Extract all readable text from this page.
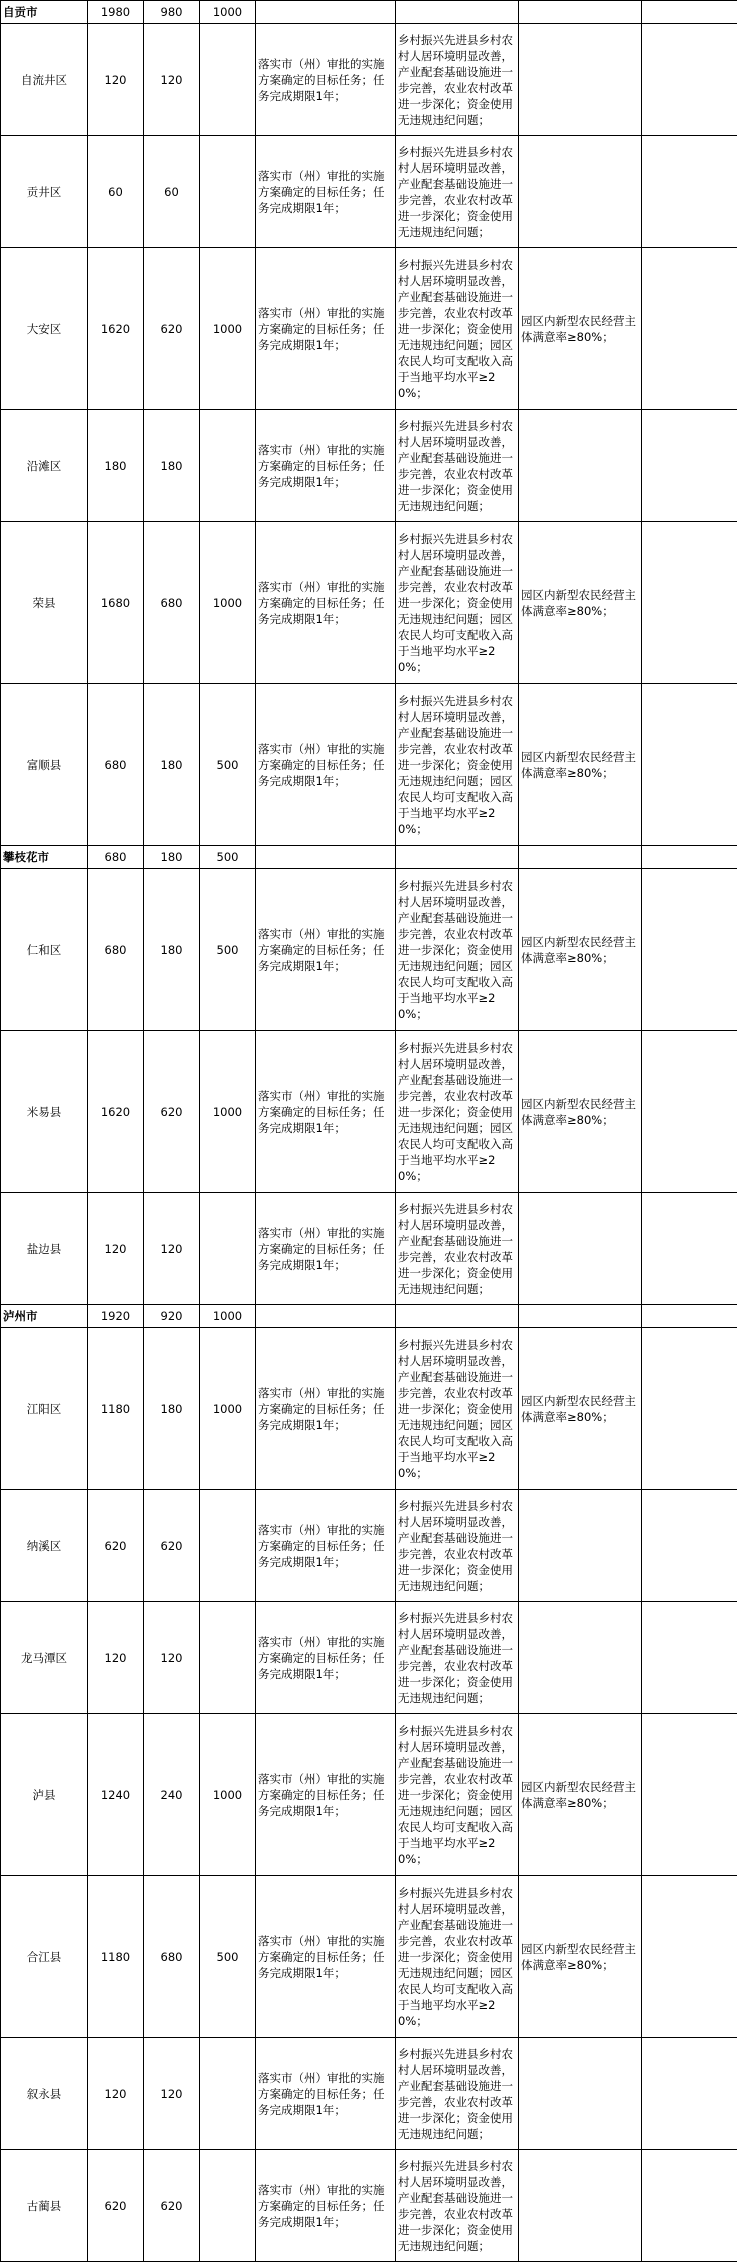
自贡市	1980	980	1000				
自流井区	120	120		落实市（州）审批的实施方案确定的目标任务；任务完成期限1年；	乡村振兴先进县乡村农村人居环境明显改善，产业配套基础设施进一步完善，农业农村改革进一步深化；资金使用无违规违纪问题；		
贡井区	60	60		落实市（州）审批的实施方案确定的目标任务；任务完成期限1年；	乡村振兴先进县乡村农村人居环境明显改善，产业配套基础设施进一步完善，农业农村改革进一步深化；资金使用无违规违纪问题；		
大安区	1620	620	1000	落实市（州）审批的实施方案确定的目标任务；任务完成期限1年；	乡村振兴先进县乡村农村人居环境明显改善，产业配套基础设施进一步完善，农业农村改革进一步深化；资金使用无违规违纪问题；园区农民人均可支配收入高于当地平均水平≥20%；	园区内新型农民经营主体满意率≥80%；	
沿滩区	180	180		落实市（州）审批的实施方案确定的目标任务；任务完成期限1年；	乡村振兴先进县乡村农村人居环境明显改善，产业配套基础设施进一步完善，农业农村改革进一步深化；资金使用无违规违纪问题；		
荣县	1680	680	1000	落实市（州）审批的实施方案确定的目标任务；任务完成期限1年；	乡村振兴先进县乡村农村人居环境明显改善，产业配套基础设施进一步完善，农业农村改革进一步深化；资金使用无违规违纪问题；园区农民人均可支配收入高于当地平均水平≥20%；	园区内新型农民经营主体满意率≥80%；	
富顺县	680	180	500	落实市（州）审批的实施方案确定的目标任务；任务完成期限1年；	乡村振兴先进县乡村农村人居环境明显改善，产业配套基础设施进一步完善，农业农村改革进一步深化；资金使用无违规违纪问题；园区农民人均可支配收入高于当地平均水平≥20%；	园区内新型农民经营主体满意率≥80%；	
攀枝花市	680	180	500				
仁和区	680	180	500	落实市（州）审批的实施方案确定的目标任务；任务完成期限1年；	乡村振兴先进县乡村农村人居环境明显改善，产业配套基础设施进一步完善，农业农村改革进一步深化；资金使用无违规违纪问题；园区农民人均可支配收入高于当地平均水平≥20%；	园区内新型农民经营主体满意率≥80%；	
米易县	1620	620	1000	落实市（州）审批的实施方案确定的目标任务；任务完成期限1年；	乡村振兴先进县乡村农村人居环境明显改善，产业配套基础设施进一步完善，农业农村改革进一步深化；资金使用无违规违纪问题；园区农民人均可支配收入高于当地平均水平≥20%；	园区内新型农民经营主体满意率≥80%；	
盐边县	120	120		落实市（州）审批的实施方案确定的目标任务；任务完成期限1年；	乡村振兴先进县乡村农村人居环境明显改善，产业配套基础设施进一步完善，农业农村改革进一步深化；资金使用无违规违纪问题；		
泸州市	1920	920	1000				
江阳区	1180	180	1000	落实市（州）审批的实施方案确定的目标任务；任务完成期限1年；	乡村振兴先进县乡村农村人居环境明显改善，产业配套基础设施进一步完善，农业农村改革进一步深化；资金使用无违规违纪问题；园区农民人均可支配收入高于当地平均水平≥20%；	园区内新型农民经营主体满意率≥80%；	
纳溪区	620	620		落实市（州）审批的实施方案确定的目标任务；任务完成期限1年；	乡村振兴先进县乡村农村人居环境明显改善，产业配套基础设施进一步完善，农业农村改革进一步深化；资金使用无违规违纪问题；		
龙马潭区	120	120		落实市（州）审批的实施方案确定的目标任务；任务完成期限1年；	乡村振兴先进县乡村农村人居环境明显改善，产业配套基础设施进一步完善，农业农村改革进一步深化；资金使用无违规违纪问题；		
泸县	1240	240	1000	落实市（州）审批的实施方案确定的目标任务；任务完成期限1年；	乡村振兴先进县乡村农村人居环境明显改善，产业配套基础设施进一步完善，农业农村改革进一步深化；资金使用无违规违纪问题；园区农民人均可支配收入高于当地平均水平≥20%；	园区内新型农民经营主体满意率≥80%；	
合江县	1180	680	500	落实市（州）审批的实施方案确定的目标任务；任务完成期限1年；	乡村振兴先进县乡村农村人居环境明显改善，产业配套基础设施进一步完善，农业农村改革进一步深化；资金使用无违规违纪问题；园区农民人均可支配收入高于当地平均水平≥20%；	园区内新型农民经营主体满意率≥80%；	
叙永县	120	120		落实市（州）审批的实施方案确定的目标任务；任务完成期限1年；	乡村振兴先进县乡村农村人居环境明显改善，产业配套基础设施进一步完善，农业农村改革进一步深化；资金使用无违规违纪问题；		
古蔺县	620	620		落实市（州）审批的实施方案确定的目标任务；任务完成期限1年；	乡村振兴先进县乡村农村人居环境明显改善，产业配套基础设施进一步完善，农业农村改革进一步深化；资金使用无违规违纪问题；		
